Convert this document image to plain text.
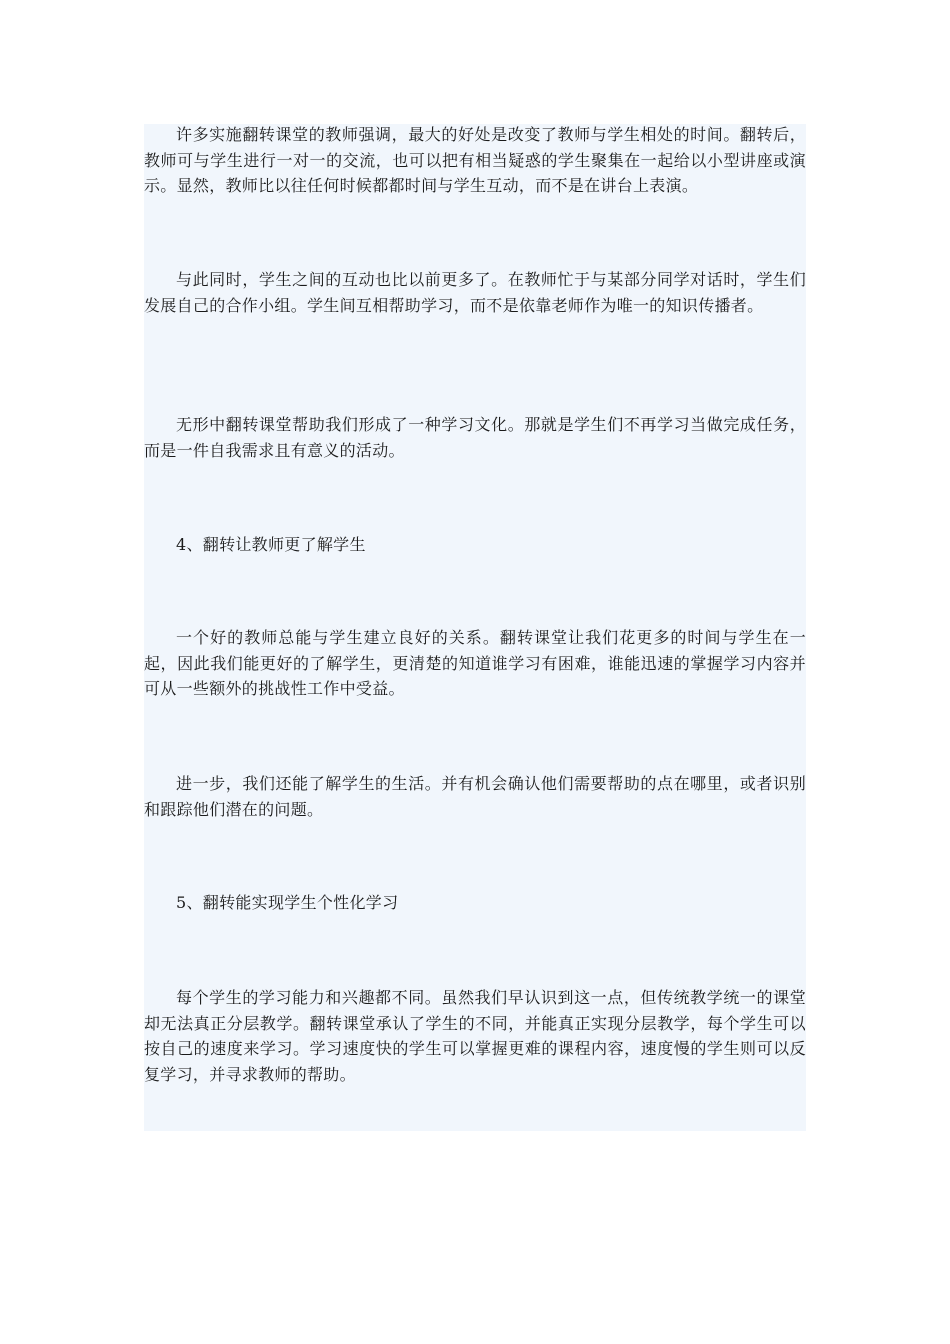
许多实施翻转课堂的教师强调，最大的好处是改变了教师与学生相处的时间。翻转后，教师可与学生进行一对一的交流，也可以把有相当疑惑的学生聚集在一起给以小型讲座或演示。显然，教师比以往任何时候都都时间与学生互动，而不是在讲台上表演。

与此同时，学生之间的互动也比以前更多了。在教师忙于与某部分同学对话时，学生们发展自己的合作小组。学生间互相帮助学习，而不是依靠老师作为唯一的知识传播者。

无形中翻转课堂帮助我们形成了一种学习文化。那就是学生们不再学习当做完成任务，而是一件自我需求且有意义的活动。

4、翻转让教师更了解学生

一个好的教师总能与学生建立良好的关系。翻转课堂让我们花更多的时间与学生在一起，因此我们能更好的了解学生，更清楚的知道谁学习有困难，谁能迅速的掌握学习内容并可从一些额外的挑战性工作中受益。

进一步，我们还能了解学生的生活。并有机会确认他们需要帮助的点在哪里，或者识别和跟踪他们潜在的问题。

5、翻转能实现学生个性化学习

每个学生的学习能力和兴趣都不同。虽然我们早认识到这一点，但传统教学统一的课堂却无法真正分层教学。翻转课堂承认了学生的不同，并能真正实现分层教学，每个学生可以按自己的速度来学习。学习速度快的学生可以掌握更难的课程内容，速度慢的学生则可以反复学习，并寻求教师的帮助。
